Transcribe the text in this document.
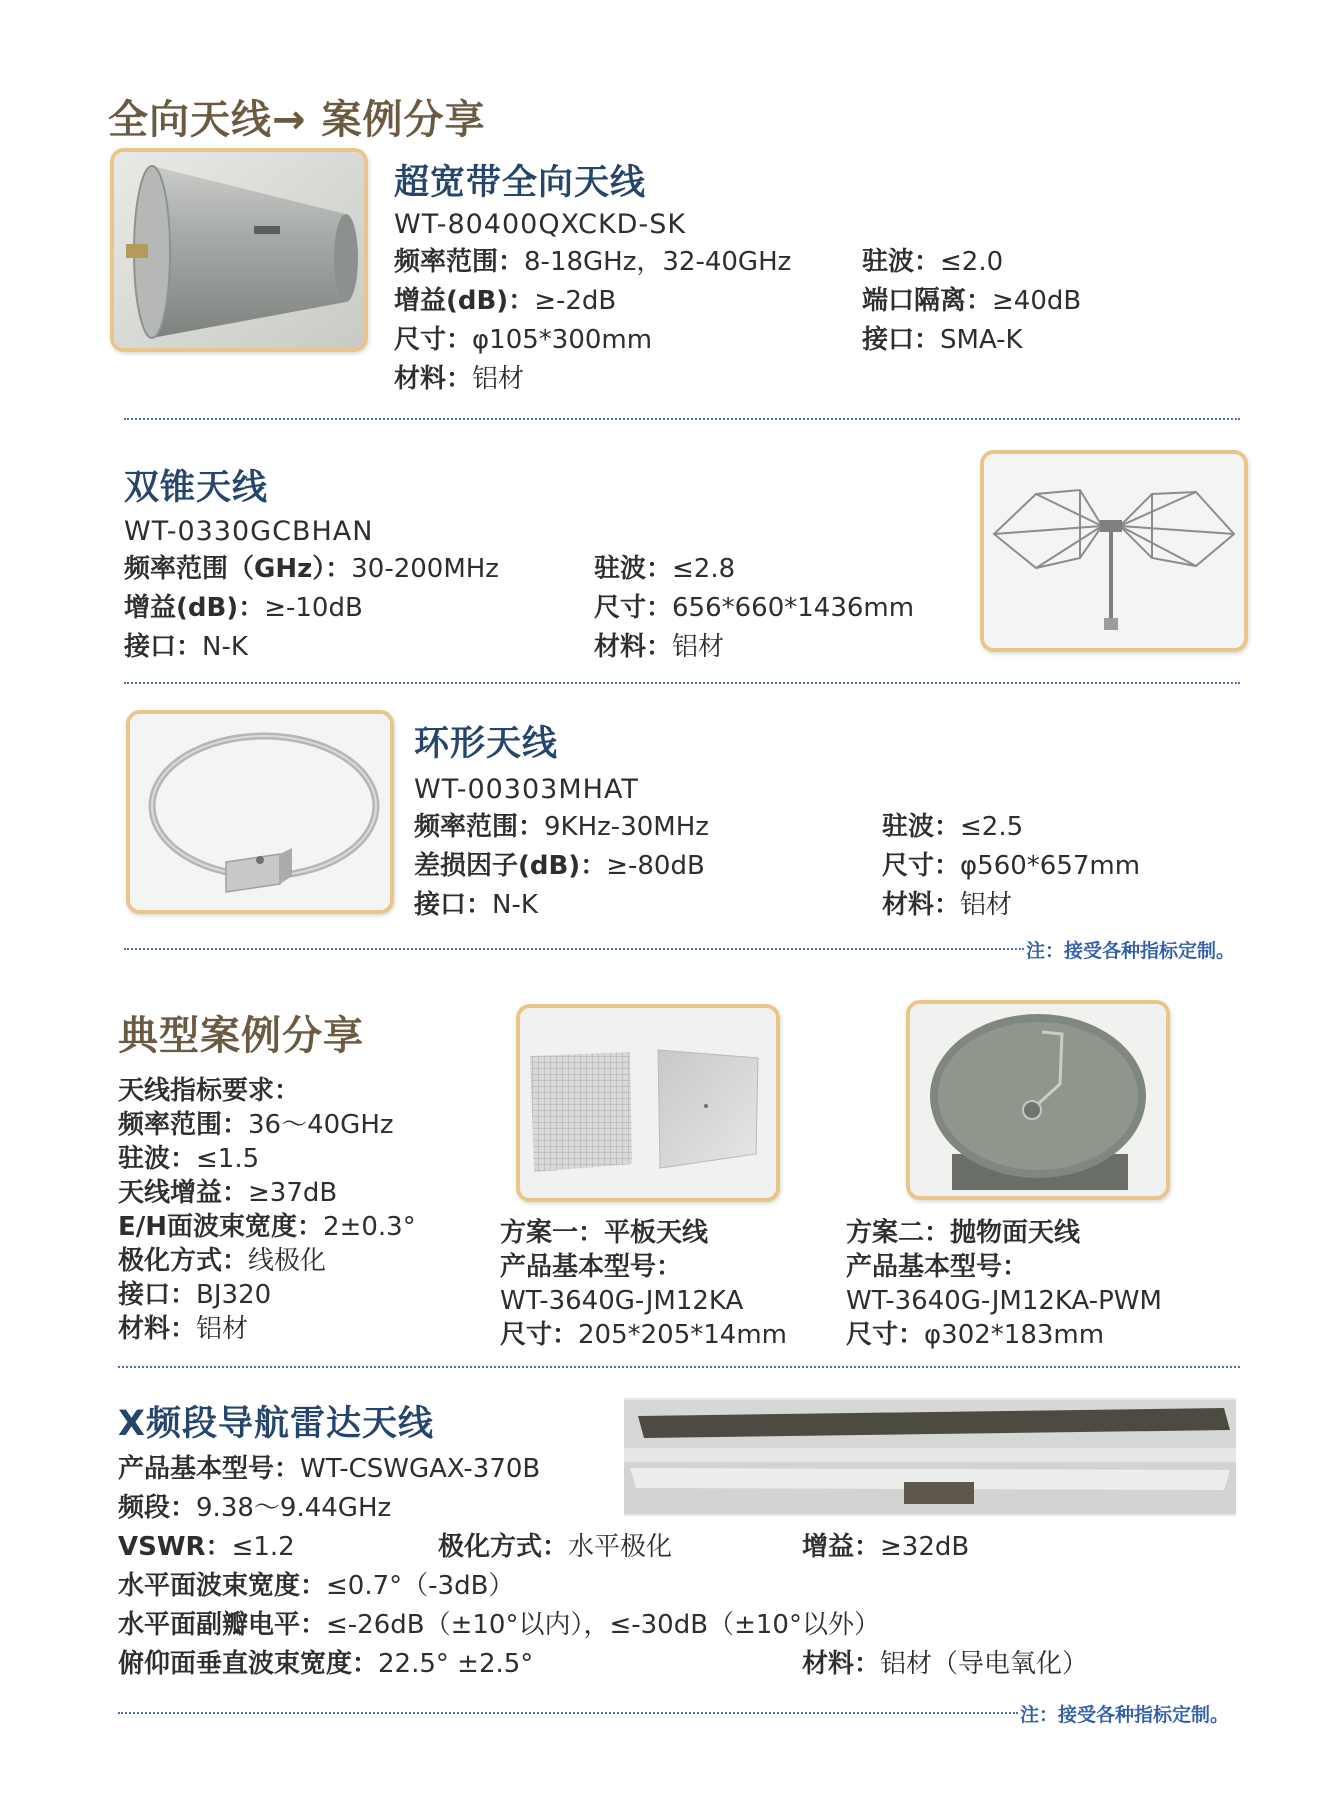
全向天线→ 案例分享
超宽带全向天线
WT-80400QXCKD-SK
频率范围：8-18GHz，32-40GHz	驻波：≤2.0
增益(dB)：≥-2dB	端口隔离：≥40dB
尺寸：φ105*300mm	接口：SMA-K
材料：铝材
双锥天线
WT-0330GCBHAN
频率范围（GHz）：30-200MHz	驻波：≤2.8
增益(dB)：≥-10dB	尺寸：656*660*1436mm
接口：N-K	材料：铝材
环形天线
WT-00303MHAT
频率范围：9KHz-30MHz	驻波：≤2.5
差损因子(dB)：≥-80dB	尺寸：φ560*657mm
接口：N-K	材料：铝材
注：接受各种指标定制。
典型案例分享
天线指标要求：
频率范围：36～40GHz
驻波：≤1.5
天线增益：≥37dB
E/H面波束宽度：2±0.3°
极化方式：线极化
接口：BJ320
材料：铝材
方案一：平板天线
产品基本型号：
WT-3640G-JM12KA
尺寸：205*205*14mm
方案二：抛物面天线
产品基本型号：
WT-3640G-JM12KA-PWM
尺寸：φ302*183mm
X频段导航雷达天线
产品基本型号：WT-CSWGAX-370B
频段：9.38～9.44GHz
VSWR：≤1.2	极化方式：水平极化	增益：≥32dB
水平面波束宽度：≤0.7°（-3dB）
水平面副瓣电平：≤-26dB（±10°以内），≤-30dB（±10°以外）
俯仰面垂直波束宽度：22.5° ±2.5°	材料：铝材（导电氧化）
注：接受各种指标定制。
